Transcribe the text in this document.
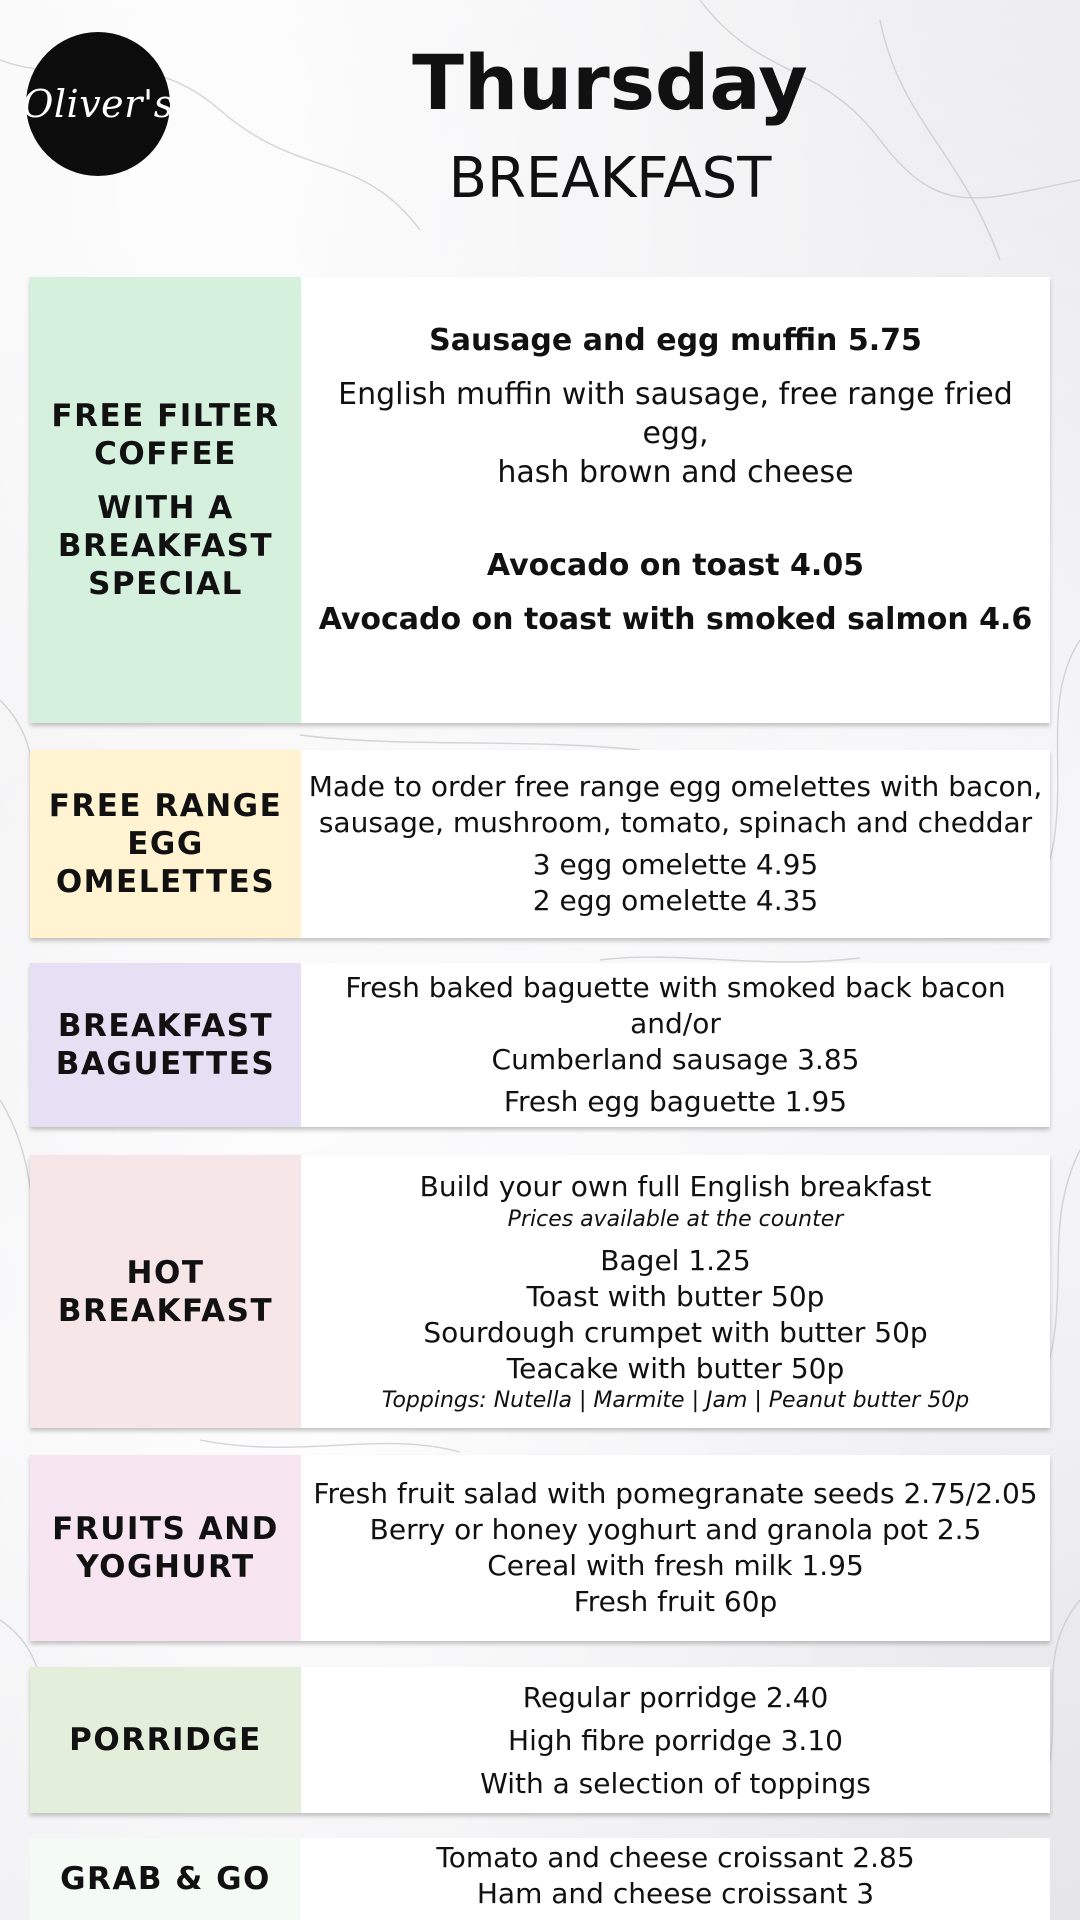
Oliver's	Thursday
BREAKFAST
FREE FILTER
COFFEE
WITH A
BREAKFAST
SPECIAL

Sausage and egg muffin 5.75

English muffin with sausage, free range fried egg,

hash brown and cheese

Avocado on toast 4.05

Avocado on toast with smoked salmon 4.6

FREE RANGE
EGG
OMELETTES

Made to order free range egg omelettes with bacon,

sausage, mushroom, tomato, spinach and cheddar

3 egg omelette 4.95

2 egg omelette 4.35

BREAKFAST
BAGUETTES

Fresh baked baguette with smoked back bacon and/or

Cumberland sausage 3.85

Fresh egg baguette 1.95

HOT
BREAKFAST

Build your own full English breakfast

Prices available at the counter

Bagel 1.25

Toast with butter 50p

Sourdough crumpet with butter 50p

Teacake with butter 50p

Toppings: Nutella | Marmite | Jam | Peanut butter 50p

FRUITS AND
YOGHURT

Fresh fruit salad with pomegranate seeds 2.75/2.05

Berry or honey yoghurt and granola pot 2.5

Cereal with fresh milk 1.95

Fresh fruit 60p

PORRIDGE

Regular porridge 2.40

High fibre porridge 3.10

With a selection of toppings

GRAB & GO

Tomato and cheese croissant 2.85

Ham and cheese croissant 3
